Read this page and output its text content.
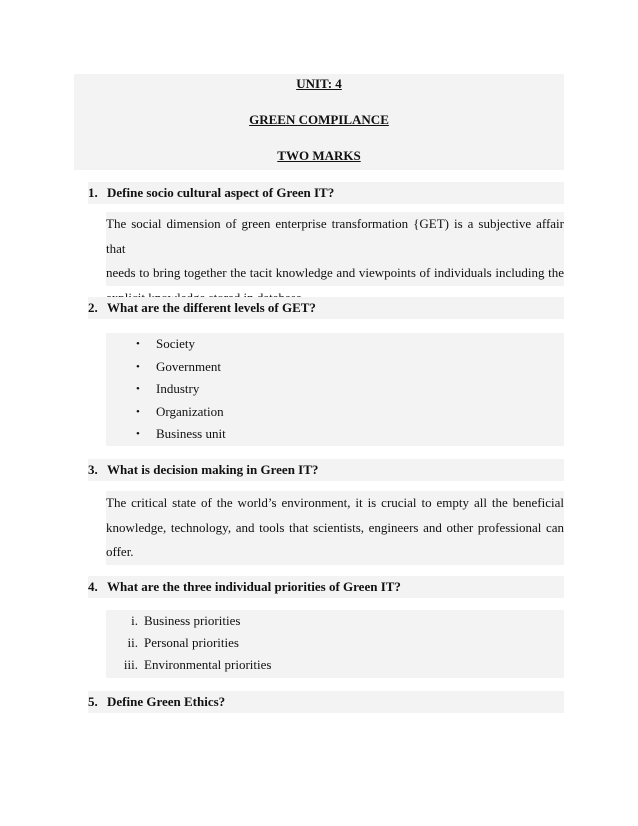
UNIT: 4
GREEN COMPILANCE
TWO MARKS
1. Define socio cultural aspect of Green IT?
The social dimension of green enterprise transformation {GET) is a subjective affair that
needs to bring together the tacit knowledge and viewpoints of individuals including the
2. What are the different levels of GET?
• Society
• Government
• Industry
• Organization
• Business unit
3. What is decision making in Green IT?
The critical state of the world’s environment, it is crucial to empty all the beneficial
knowledge, technology, and tools that scientists, engineers and other professional can
offer.
4. What are the three individual priorities of Green IT?
i. Business priorities
ii. Personal priorities
iii. Environmental priorities
5. Define Green Ethics?
